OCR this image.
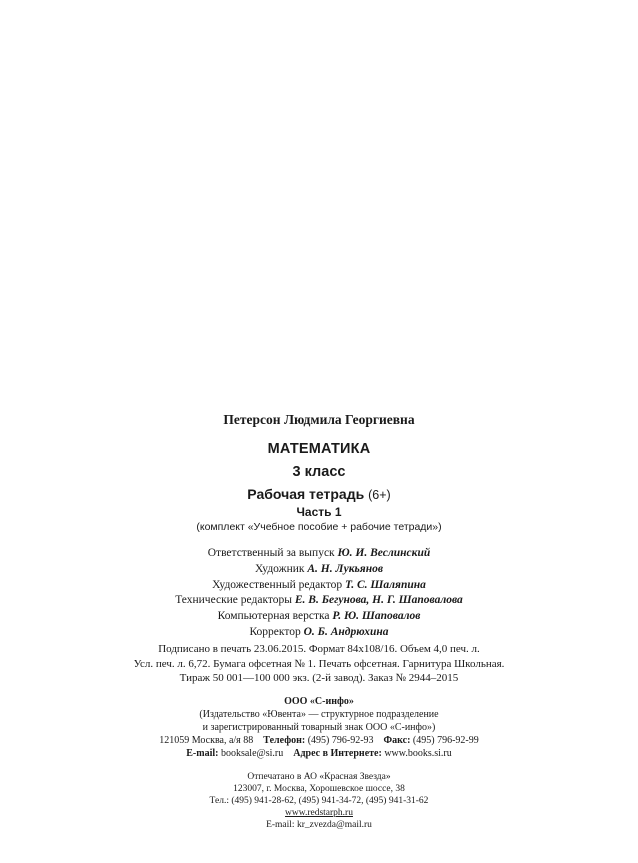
Петерсон Людмила Георгиевна
МАТЕМАТИКА
3 класс
Рабочая тетрадь (6+)
Часть 1
(комплект «Учебное пособие + рабочие тетради»)
Ответственный за выпуск Ю. И. Веслинский
Художник А. Н. Лукьянов
Художественный редактор Т. С. Шаляпина
Технические редакторы Е. В. Бегунова, Н. Г. Шаповалова
Компьютерная верстка Р. Ю. Шаповалов
Корректор О. Б. Андрюхина
Подписано в печать 23.06.2015. Формат 84x108/16. Объем 4,0 печ. л.
Усл. печ. л. 6,72. Бумага офсетная № 1. Печать офсетная. Гарнитура Школьная.
Тираж 50 001—100 000 экз. (2-й завод). Заказ № 2944–2015
ООО «С-инфо»
(Издательство «Ювента» — структурное подразделение
и зарегистрированный товарный знак ООО «С-инфо»)
121059 Москва, а/я 88 Телефон: (495) 796-92-93 Факс: (495) 796-92-99
E-mail: booksale@si.ru Адрес в Интернете: www.books.si.ru
Отпечатано в АО «Красная Звезда»
123007, г. Москва, Хорошевское шоссе, 38
Тел.: (495) 941-28-62, (495) 941-34-72, (495) 941-31-62
www.redstarph.ru
E-mail: kr_zvezda@mail.ru
